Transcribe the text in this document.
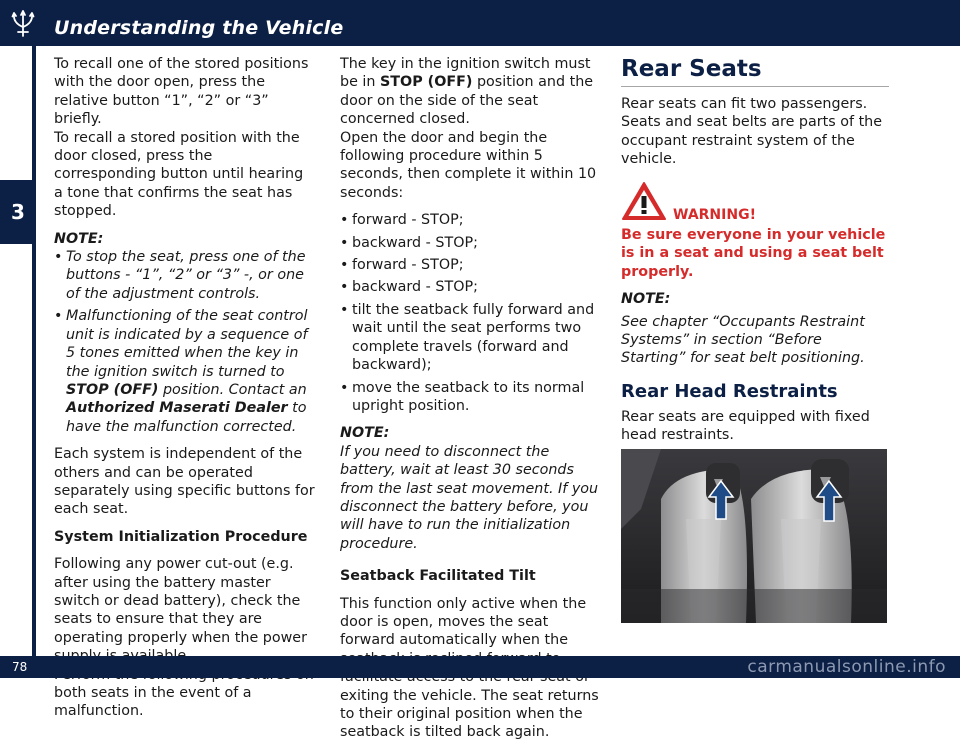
Understanding the Vehicle
3

To recall one of the stored positions with the door open, press the relative button “1”, “2” or “3” briefly.

To recall a stored position with the door closed, press the corresponding button until hearing a tone that confirms the seat has stopped.

NOTE:

• To stop the seat, press one of the buttons - “1”, “2” or “3” -, or one of the adjustment controls.
• Malfunctioning of the seat control unit is indicated by a sequence of 5 tones emitted when the key in the ignition switch is turned to STOP (OFF) position. Contact an Authorized Maserati Dealer to have the malfunction corrected.

Each system is independent of the others and can be operated separately using specific buttons for each seat.

System Initialization Procedure

Following any power cut-out (e.g. after using the battery master switch or dead battery), check the seats to ensure that they are operating properly when the power

both seats in the event of a malfunction.

The key in the ignition switch must be in STOP (OFF) position and the door on the side of the seat concerned closed.

Open the door and begin the following procedure within 5 seconds, then complete it within 10 seconds:

• forward - STOP;
• backward - STOP;
• forward - STOP;
• backward - STOP;
• tilt the seatback fully forward and wait until the seat performs two complete travels (forward and backward);
• move the seatback to its normal upright position.

NOTE:

If you need to disconnect the battery, wait at least 30 seconds from the last seat movement. If you disconnect the battery before, you will have to run the initialization procedure.

Seatback Facilitated Tilt

This function only active when the door is open, moves the seat forward automatically when the exiting the vehicle. The seat returns to their original position when the seatback is tilted back again.

Rear Seats

Rear seats can fit two passengers. Seats and seat belts are parts of the occupant restraint system of the vehicle.

WARNING!

Be sure everyone in your vehicle is in a seat and using a seat belt properly.

NOTE:

See chapter “Occupants Restraint Systems” in section “Before Starting” for seat belt positioning.

Rear Head Restraints

Rear seats are equipped with fixed head restraints.

78	carmanualsonline.info
